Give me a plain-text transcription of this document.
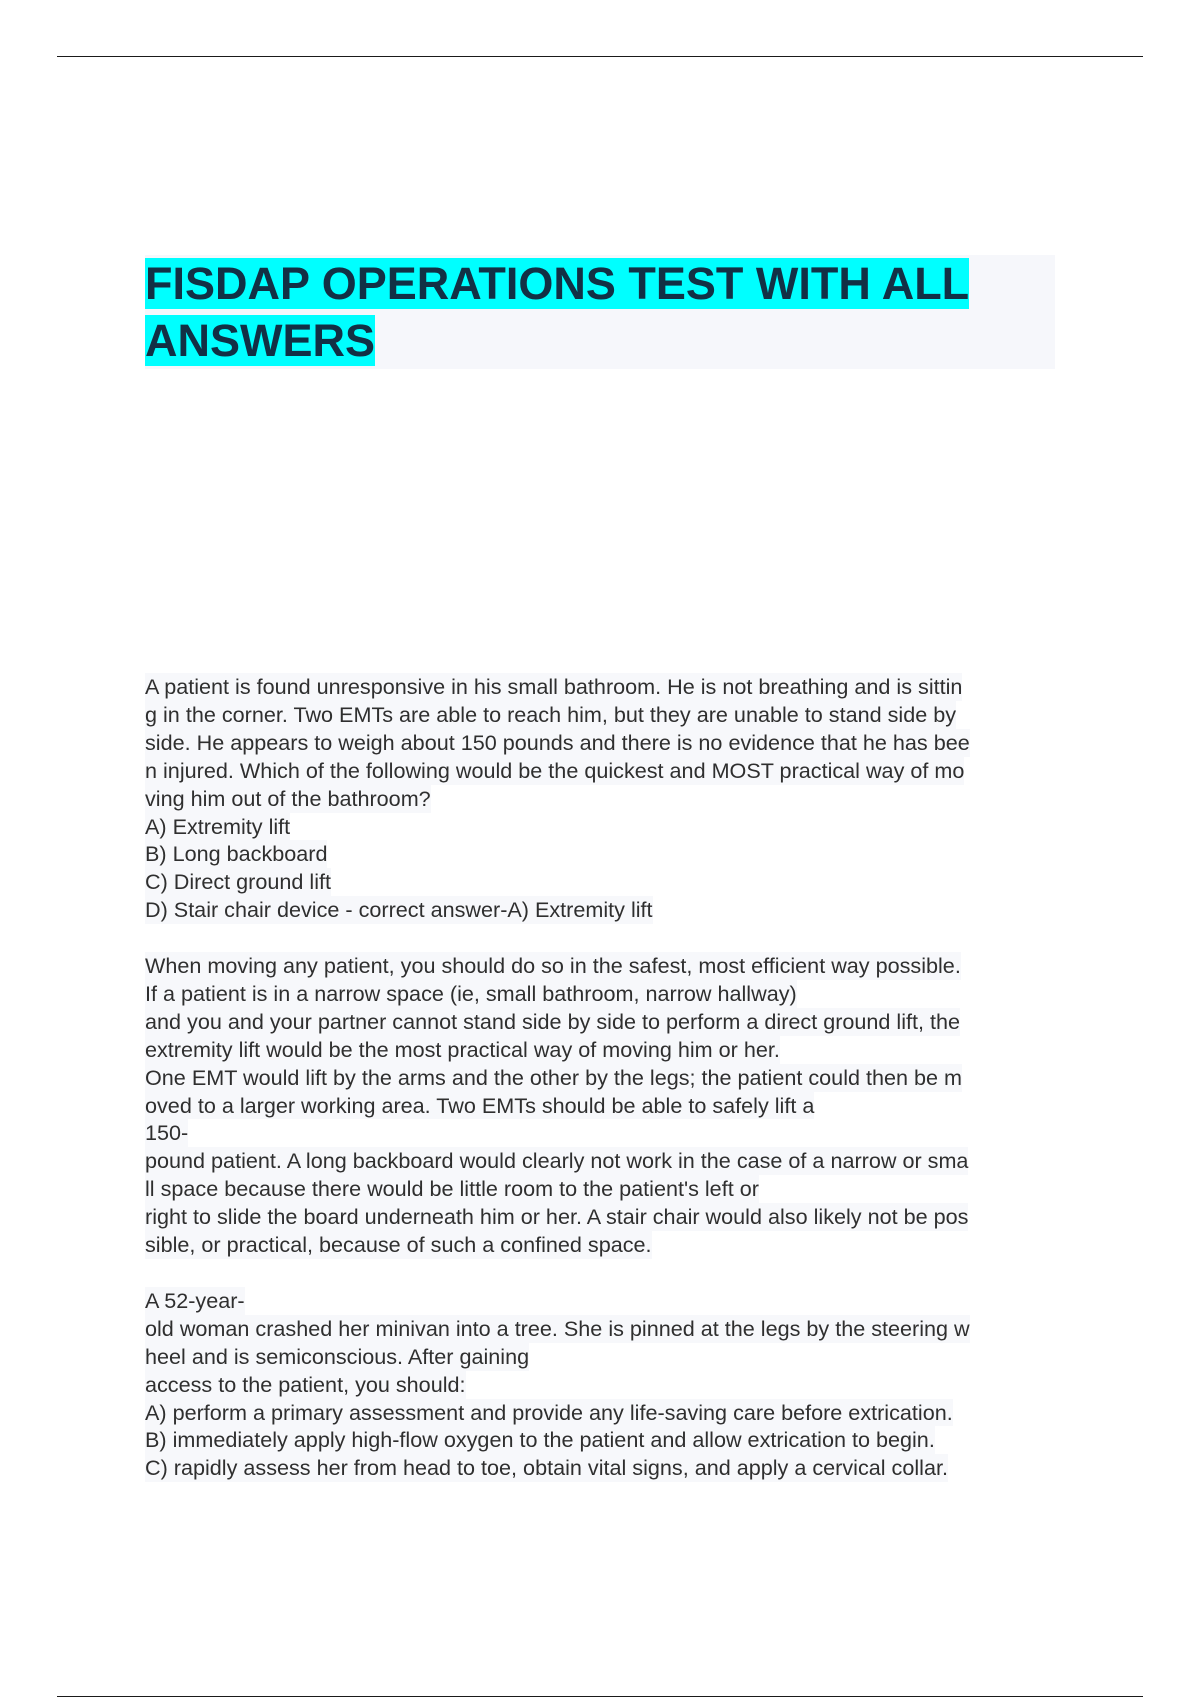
FISDAP OPERATIONS TEST WITH ALL
ANSWERS
A patient is found unresponsive in his small bathroom. He is not breathing and is sittin
g in the corner. Two EMTs are able to reach him, but they are unable to stand side by
side. He appears to weigh about 150 pounds and there is no evidence that he has bee
n injured. Which of the following would be the quickest and MOST practical way of mo
ving him out of the bathroom?
A) Extremity lift
B) Long backboard
C) Direct ground lift
D) Stair chair device - correct answer-A) Extremity lift
When moving any patient, you should do so in the safest, most efficient way possible.
If a patient is in a narrow space (ie, small bathroom, narrow hallway)
and you and your partner cannot stand side by side to perform a direct ground lift, the
extremity lift would be the most practical way of moving him or her.
One EMT would lift by the arms and the other by the legs; the patient could then be m
oved to a larger working area. Two EMTs should be able to safely lift a
150-
pound patient. A long backboard would clearly not work in the case of a narrow or sma
ll space because there would be little room to the patient's left or
right to slide the board underneath him or her. A stair chair would also likely not be pos
sible, or practical, because of such a confined space.
A 52-year-
old woman crashed her minivan into a tree. She is pinned at the legs by the steering w
heel and is semiconscious. After gaining
access to the patient, you should:
A) perform a primary assessment and provide any life-saving care before extrication.
B) immediately apply high-flow oxygen to the patient and allow extrication to begin.
C) rapidly assess her from head to toe, obtain vital signs, and apply a cervical collar.
